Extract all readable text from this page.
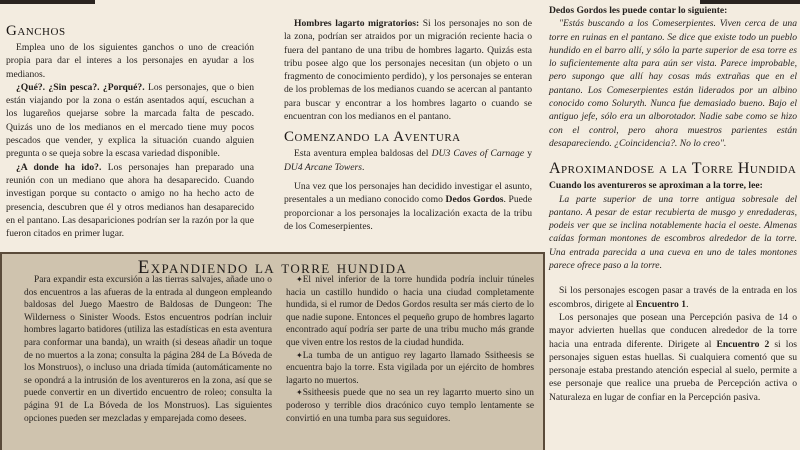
Ganchos

Emplea uno de los siguientes ganchos o uno de creación propia para dar el interes a los personajes en ayudar a los medianos.

¿Qué?. ¿Sin pesca?. ¿Porqué?. Los personajes, que o bien están viajando por la zona o están asentados aquí, escuchan a los lugareños quejarse sobre la marcada falta de pescado. Quizás uno de los medianos en el mercado tiene muy pocos pescados que vender, y explica la situación cuando alguien pregunta o se queja sobre la escasa variedad disponible.

¿A donde ha ido?. Los personajes han preparado una reunión con un mediano que ahora ha desaparecido. Cuando investigan porque su contacto o amigo no ha hecho acto de presencia, descubren que él y otros medianos han desaparecido en el pantano. Las desapariciones podrían ser la razón por la que fueron citados en primer lugar.

Hombres lagarto migratorios: Si los personajes no son de la zona, podrían ser atraidos por un migración reciente hacia o fuera del pantano de una tribu de hombres lagarto. Quizás esta tribu posee algo que los personajes necesitan (un objeto o un fragmento de conocimiento perdido), y los personajes se enteran de los problemas de los medianos cuando se acercan al pantanto para buscar y encontrar a los hombres lagarto o cuando se encuentran con los medianos en el pantano.

Comenzando la Aventura

Esta aventura emplea baldosas del DU3 Caves of Carnage y DU4 Arcane Towers.

Una vez que los personajes han decidido investigar el asunto, presentales a un mediano conocido como Dedos Gordos. Puede proporcionar a los personajes la localización exacta de la tribu de los Comeserpientes.

Dedos Gordos les puede contar lo siguiente:

"Estás buscando a los Comeserpientes. Viven cerca de una torre en ruinas en el pantano. Se dice que existe todo un pueblo hundido en el barro allí, y sólo la parte superior de esa torre es lo suficientemente alta para aún ser vista. Parece improbable, pero supongo que allí hay cosas más extrañas que en el pantano. Los Comeserpientes están liderados por un albino conocido como Soluryth. Nunca fue demasiado bueno. Bajo el antiguo jefe, sólo era un alborotador. Nadie sabe como se hizo con el control, pero ahora muestros parientes están desapareciendo. ¿Coincidencia?. No lo creo".

Aproximandose a la Torre Hundida

Cuando los aventureros se aproximan a la torre, lee:

La parte superior de una torre antigua sobresale del pantano. A pesar de estar recubierta de musgo y enredaderas, podeis ver que se inclina notablemente hacia el oeste. Almenas caídas forman montones de escombros alrededor de la torre. Una entrada parecida a una cueva en uno de tales montones parece ofrece paso a la torre.

Si los personajes escogen pasar a través de la entrada en los escombros, dirigete al Encuentro 1.

Los personajes que posean una Percepción pasiva de 14 o mayor advierten huellas que conducen alrededor de la torre hacia una entrada diferente. Dirigete al Encuentro 2 si los personajes siguen estas huellas. Si cualquiera comentó que su personaje estaba prestando atención especial al suelo, permite a ese personaje que realice una prueba de Percepción activa o Naturaleza en lugar de confiar en la Percepción pasiva.

Expandiendo la torre hundida

Para expandir esta excursión a las tierras salvajes, añade uno o dos encuentros a las afueras de la entrada al dungeon empleando baldosas del Juego Maestro de Baldosas de Dungeon: The Wilderness o Sinister Woods. Estos encuentros podrían incluir hombres lagarto batidores (utiliza las estadísticas en esta aventura para conformar una banda), un wraith (si deseas añadir un toque de no muertos a la zona; consulta la página 284 de La Bóveda de los Monstruos), o incluso una driada tímida (automáticamente no se opondrá a la intrusión de los aventureros en la zona, así que se puede convertir en un divertido encuentro de roleo; consulta la página 91 de La Bóveda de los Monstruos). Las siguientes opciones pueden ser mezcladas y emparejada como desees.

✦ El nivel inferior de la torre hundida podría incluir túneles hacia un castillo hundido o hacia una ciudad completamente hundida, si el rumor de Dedos Gordos resulta ser más cierto de lo que nadie supone. Entonces el pequeño grupo de hombres lagarto encontrado aquí podría ser parte de una tribu mucho más grande que viven entre los restos de la ciudad hundida.

✦ La tumba de un antiguo rey lagarto llamado Ssitheesis se encuentra bajo la torre. Esta vigilada por un ejército de hombres lagarto no muertos.

✦ Ssitheesis puede que no sea un rey lagarrto muerto sino un poderoso y terrible dios dracónico cuyo templo lentamente se convirtió en una tumba para sus seguidores.
